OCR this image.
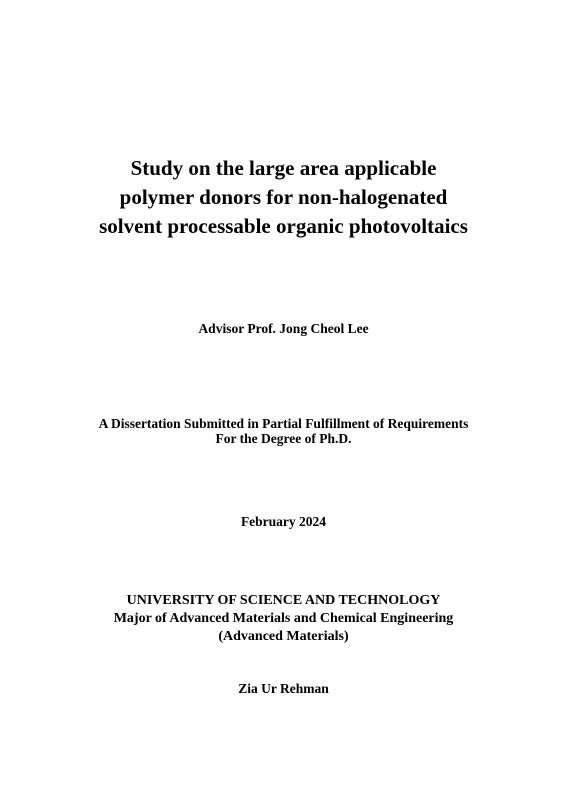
Study on the large area applicable
polymer donors for non-halogenated
solvent processable organic photovoltaics
Advisor Prof. Jong Cheol Lee
A Dissertation Submitted in Partial Fulfillment of Requirements
For the Degree of Ph.D.
February 2024
UNIVERSITY OF SCIENCE AND TECHNOLOGY
Major of Advanced Materials and Chemical Engineering
(Advanced Materials)
Zia Ur Rehman
